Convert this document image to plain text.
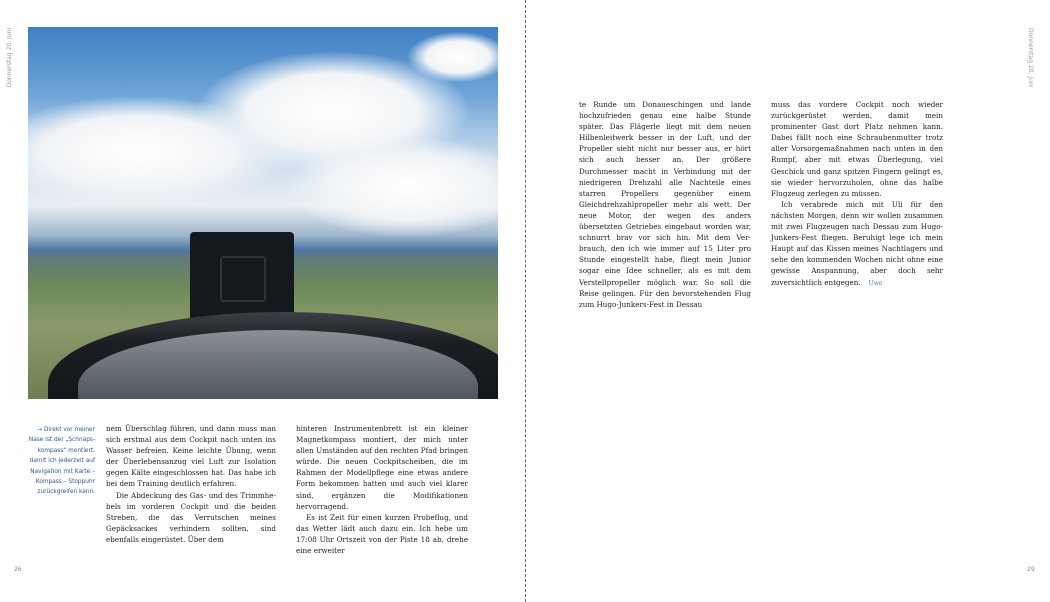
Donnerstag 20. Juni
→ Direkt vor meiner Nase ist der „Schnapskompass“ montiert, damit ich jederzeit auf Navigation mit Karte – Kompass – Stoppuhr zurückgreifen kann.

nem Überschlag führen, und dann muss man sich erstmal aus dem Cockpit nach unten ins Wasser befreien. Keine leichte Übung, wenn der Überlebensanzug viel Luft zur Isolation gegen Kälte eingeschlossen hat. Das habe ich bei dem Training deutlich erfahren.

Die Abdeckung des Gas- und des Trimmhebels im vorderen Cockpit und die beiden Streben, die das Verrutschen meines Gepäcksackes verhindern sollten, sind ebenfalls eingerüstet. Über dem

hinteren Instrumentenbrett ist ein kleiner Magnetkompass montiert, der mich unter allen Umständen auf den rechten Pfad bringen würde. Die neuen Cockpitscheiben, die im Rahmen der Modellpflege eine etwas andere Form bekommen hatten und auch viel klarer sind, ergänzen die Modifikationen hervorragend.

Es ist Zeit für einen kurzen Probeflug, und das Wetter lädt auch dazu ein. Ich hebe um 17:08 Uhr Ortszeit von der Piste 18 ab, drehe eine erweiter

26

te Runde um Donaueschingen und lande hochzufrieden genau eine halbe Stunde später. Das Flägerle liegt mit dem neuen Hilbenleitwerk besser in der Luft, und der Propeller sieht nicht nur besser aus, er hört sich auch besser an. Der größere Durchmesser macht in Verbindung mit der niedrigeren Drehzahl alle Nachteile eines starren Propellers gegenüber einem Gleichdrehzahlpropeller mehr als wett. Der neue Motor, der wegen des anders übersetzten Getriebes eingebaut worden war, schnurrt brav vor sich hin. Mit dem Verbrauch, den ich wie immer auf 15 Liter pro Stunde eingestellt habe, fliegt mein Junior sogar eine Idee schneller, als es mit dem Verstellpropeller möglich war. So soll die Reise gelingen. Für den bevorstehenden Flug zum Hugo-Junkers-Fest in Dessau

muss das vordere Cockpit noch wieder zurückgerüstet werden, damit mein prominenter Gast dort Platz nehmen kann. Dabei fällt noch eine Schraubenmutter trotz aller Vorsorgemaßnahmen nach unten in den Rumpf, aber mit etwas Überlegung, viel Geschick und ganz spitzen Fingern gelingt es, sie wieder hervorzuholen, ohne das halbe Flugzeug zerlegen zu müssen.

Ich verabrede mich mit Uli für den nächsten Morgen, denn wir wollen zusammen mit zwei Flugzeugen nach Dessau zum Hugo-Junkers-Fest fliegen. Beruhigt lege ich mein Haupt auf das Kissen meines Nachtlagers und sehe den kommenden Wochen nicht ohne eine gewisse Anspannung, aber doch sehr zuversichtlich entgegen. Uwe

Donnerstag 20. Juni
29
